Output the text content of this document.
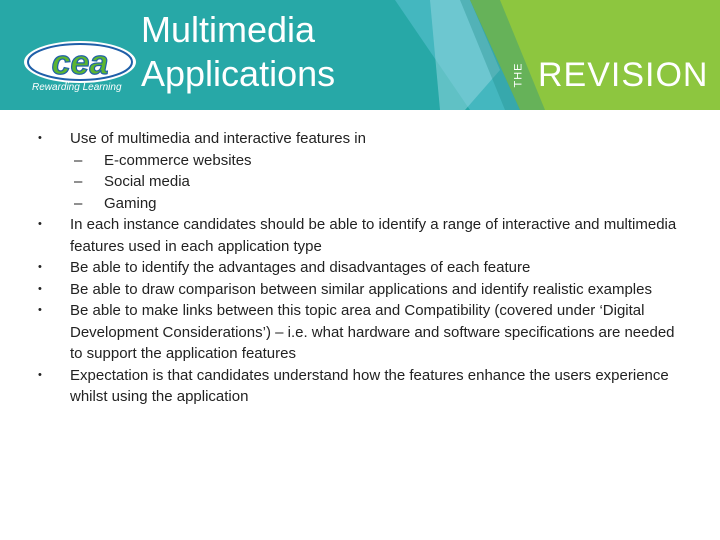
cea
Rewarding Learning
Multimedia
Applications	THE REVISION
• Use of multimedia and interactive features in
– E-commerce websites
– Social media
– Gaming
• In each instance candidates should be able to identify a range of interactive and multimedia features used in each application type
• Be able to identify the advantages and disadvantages of each feature
• Be able to draw comparison between similar applications and identify realistic examples
• Be able to make links between this topic area and Compatibility (covered under ‘Digital Development Considerations’) – i.e. what hardware and software specifications are needed to support the application features
• Expectation is that candidates understand how the features enhance the users experience whilst using the application
